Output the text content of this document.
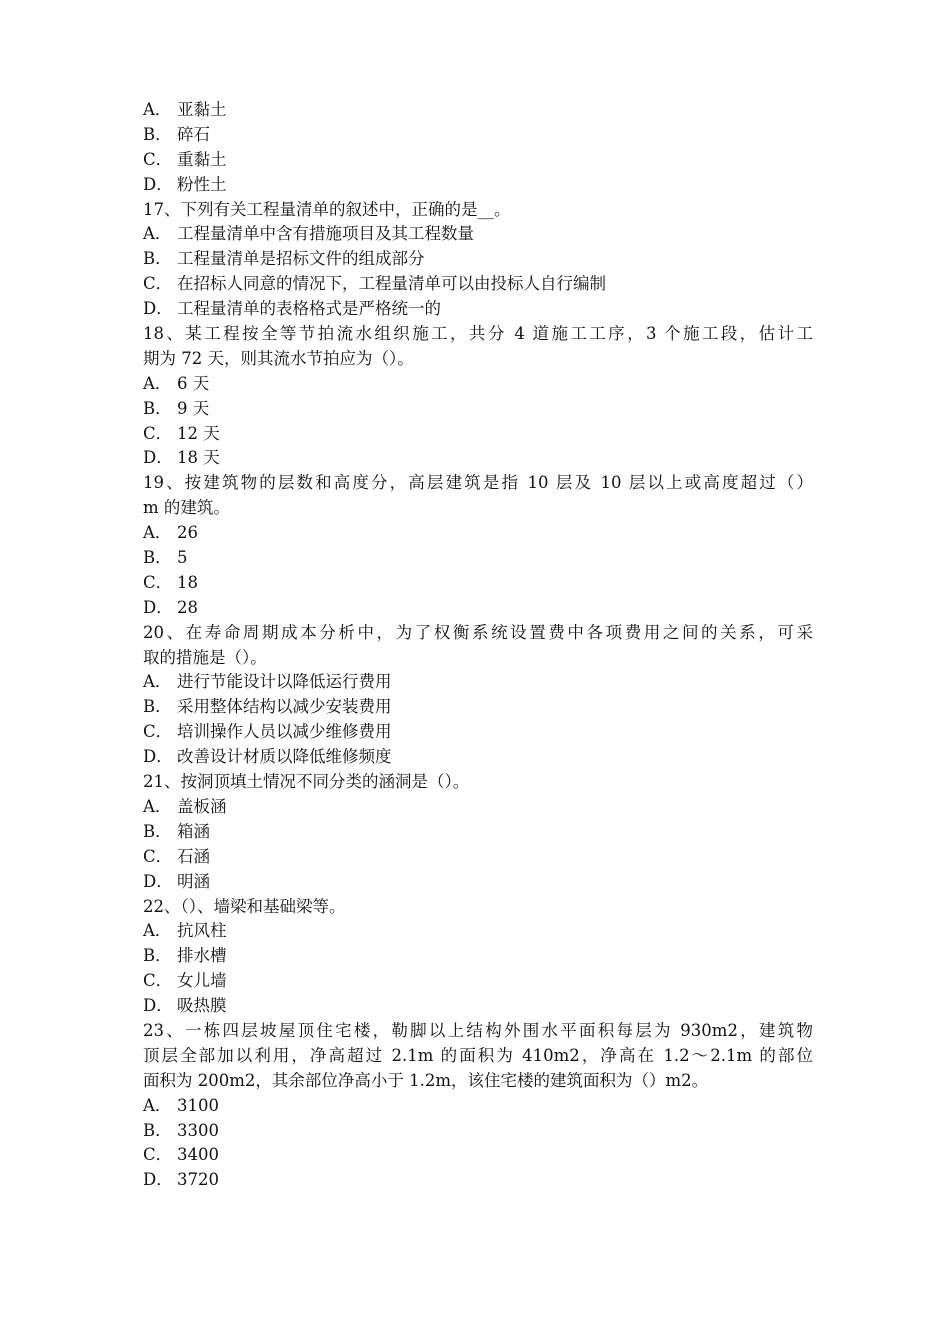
A． 亚黏土
B． 碎石
C． 重黏土
D． 粉性土
17、下列有关工程量清单的叙述中，正确的是__。
A． 工程量清单中含有措施项目及其工程数量
B． 工程量清单是招标文件的组成部分
C． 在招标人同意的情况下，工程量清单可以由投标人自行编制
D． 工程量清单的表格格式是严格统一的
18、某工程按全等节拍流水组织施工，共分 4 道施工工序，3 个施工段，估计工
期为 72 天，则其流水节拍应为（）。
A． 6 天
B． 9 天
C． 12 天
D． 18 天
19、按建筑物的层数和高度分，高层建筑是指 10 层及 10 层以上或高度超过（）
m 的建筑。
A． 26
B． 5
C． 18
D． 28
20、在寿命周期成本分析中，为了权衡系统设置费中各项费用之间的关系，可采
取的措施是（）。
A． 进行节能设计以降低运行费用
B． 采用整体结构以减少安装费用
C． 培训操作人员以减少维修费用
D． 改善设计材质以降低维修频度
21、按洞顶填土情况不同分类的涵洞是（）。
A． 盖板涵
B． 箱涵
C． 石涵
D． 明涵
22、（）、墙梁和基础梁等。
A． 抗风柱
B． 排水槽
C． 女儿墙
D． 吸热膜
23、一栋四层坡屋顶住宅楼，勒脚以上结构外围水平面积每层为 930m2，建筑物
顶层全部加以利用，净高超过 2.1m 的面积为 410m2，净高在 1.2～2.1m 的部位
面积为 200m2，其余部位净高小于 1.2m，该住宅楼的建筑面积为（）m2。
A． 3100
B． 3300
C． 3400
D． 3720
